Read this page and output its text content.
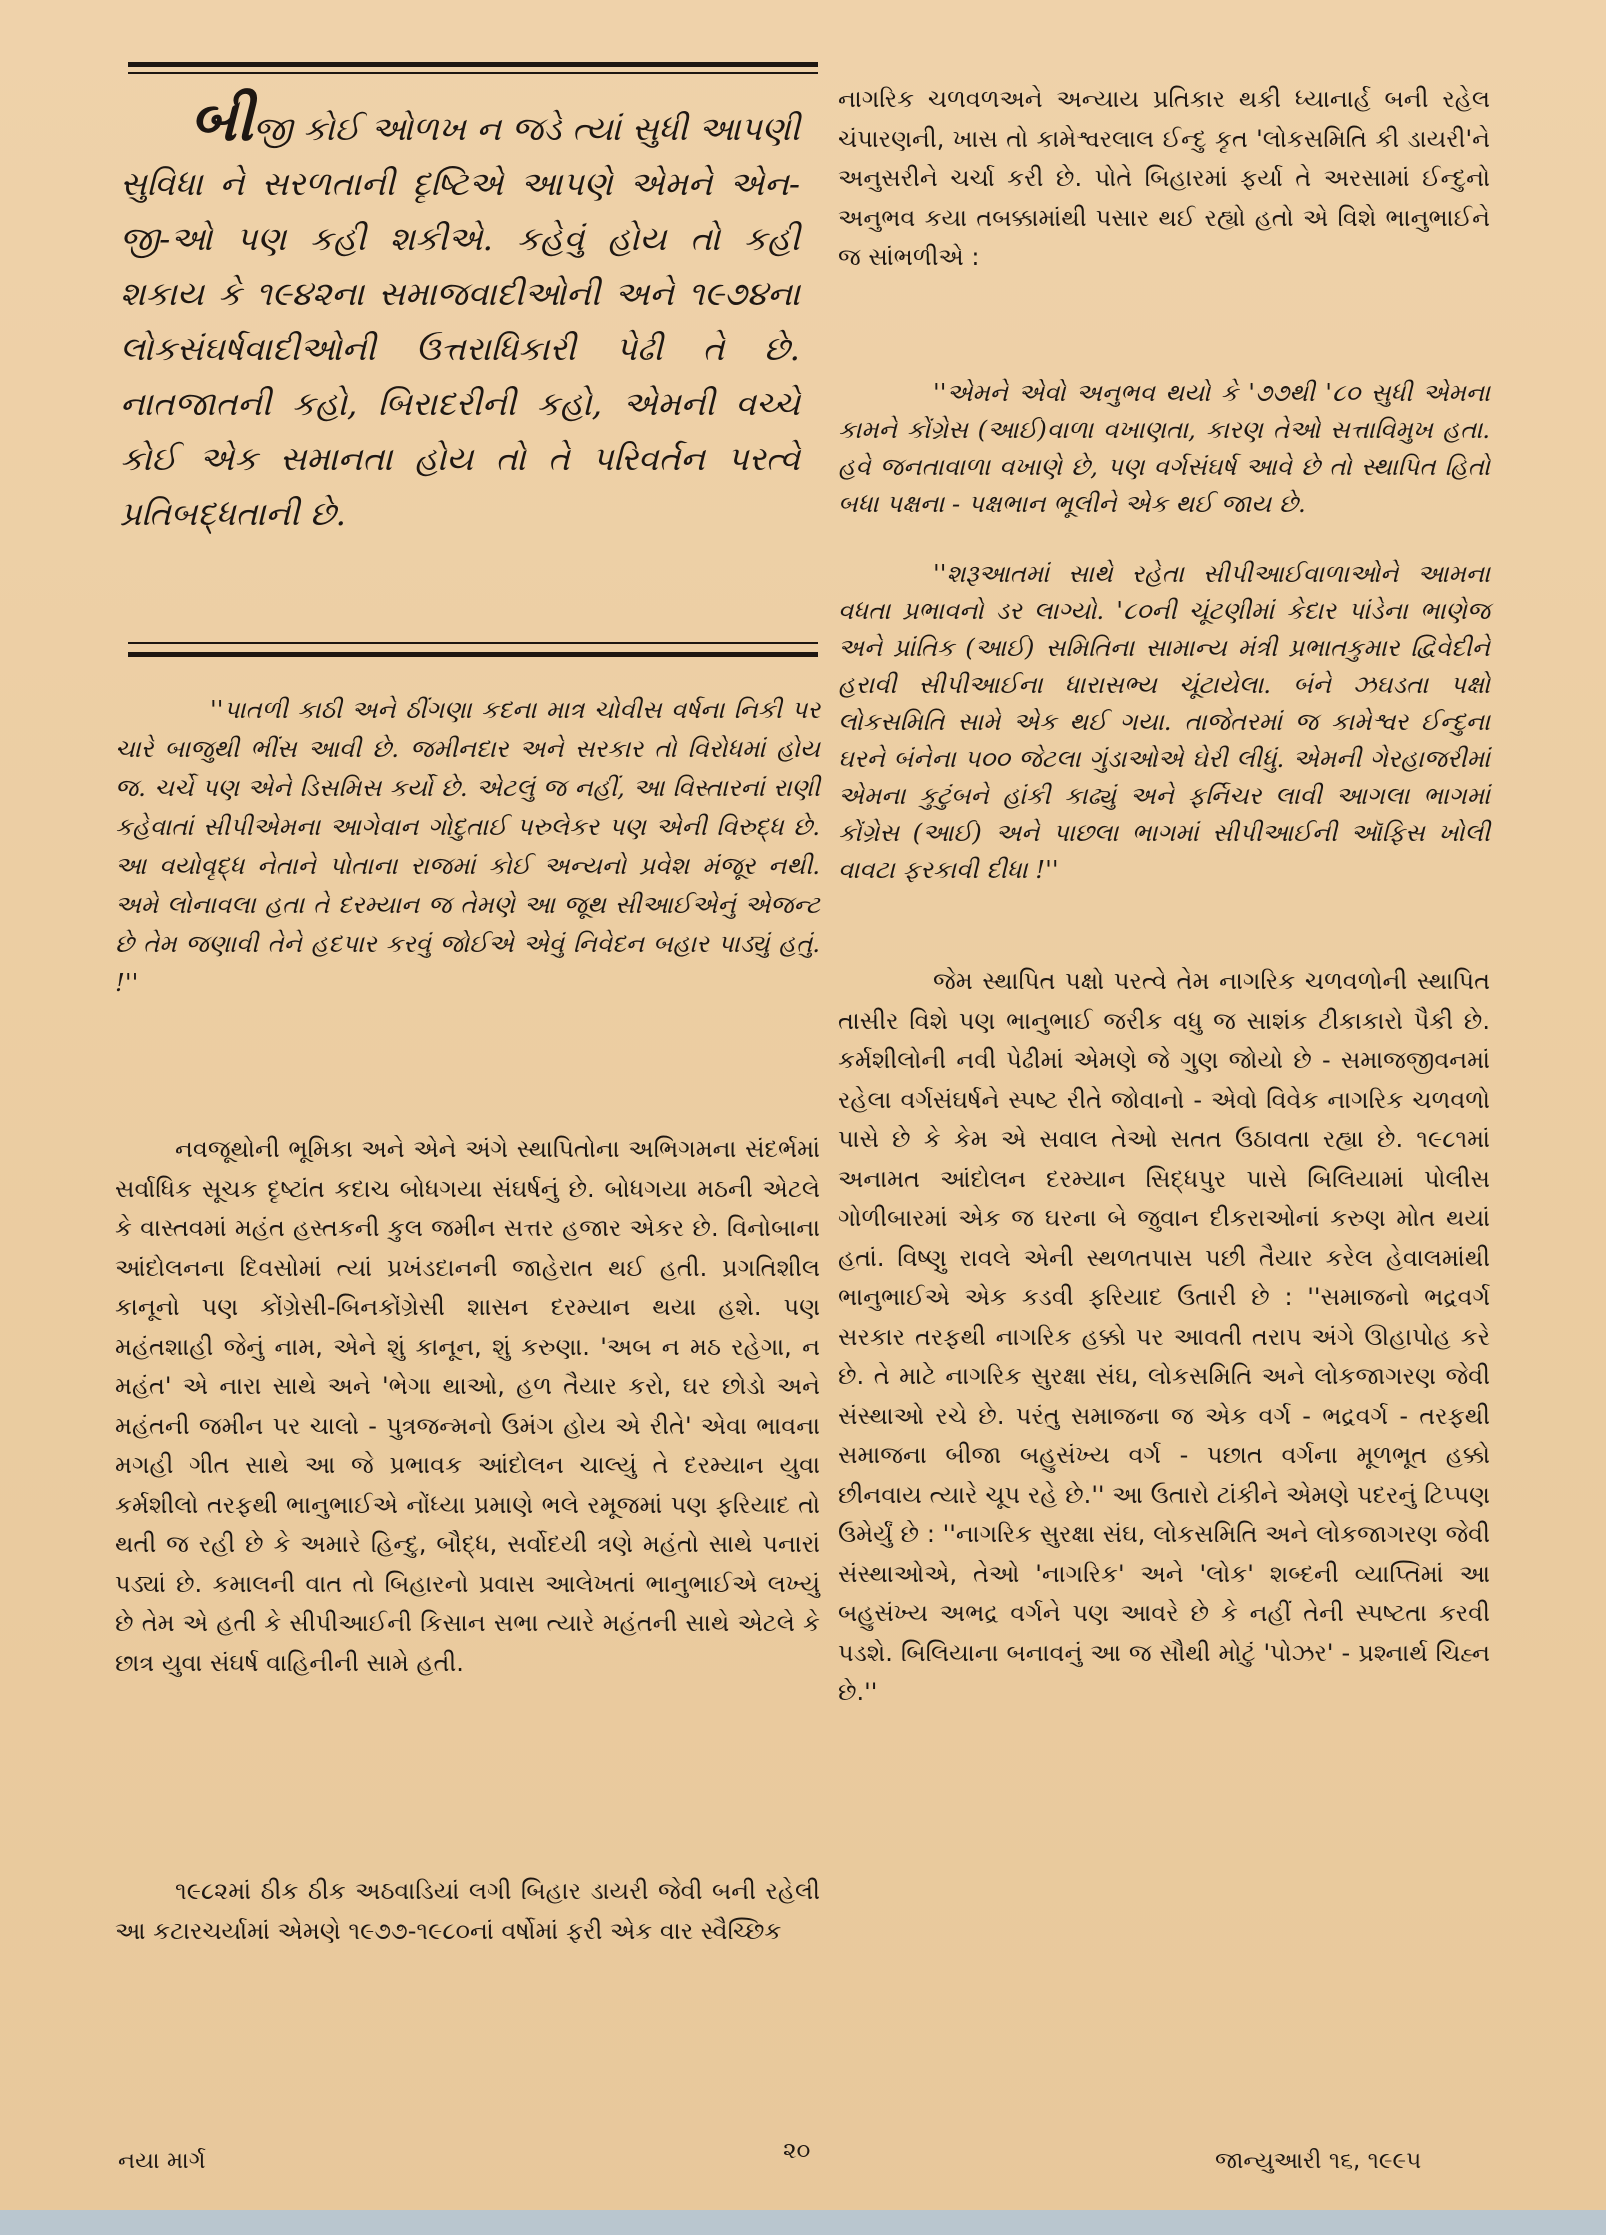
બીજી કોઈ ઓળખ ન જડે ત્યાં સુધી આપણી સુવિધા ને સરળતાની દૃષ્ટિએ આપણે એમને એન-જી-ઓ પણ કહી શકીએ. કહેવું હોય તો કહી શકાય કે ૧૯૪૨ના સમાજવાદીઓની અને ૧૯૭૪ના લોકસંઘર્ષવાદીઓની ઉત્તરાધિકારી પેઢી તે છે. નાતજાતની કહો, બિરાદરીની કહો, એમની વચ્ચે કોઈ એક સમાનતા હોય તો તે પરિવર્તન પરત્વે પ્રતિબદ્ધતાની છે.

''પાતળી કાઠી અને ઠીંગણા કદના માત્ર ચોવીસ વર્ષના નિકી પર ચારે બાજુથી ભીંસ આવી છે. જમીનદાર અને સરકાર તો વિરોધમાં હોય જ. ચર્ચે પણ એને ડિસમિસ કર્યો છે. એટલું જ નહીં, આ વિસ્તારનાં રાણી કહેવાતાં સીપીએમના આગેવાન ગોદુતાઈ પરુલેકર પણ એની વિરુદ્ધ છે. આ વયોવૃદ્ધ નેતાને પોતાના રાજમાં કોઈ અન્યનો પ્રવેશ મંજૂર નથી. અમે લોનાવલા હતા તે દરમ્યાન જ તેમણે આ જૂથ સીઆઈએનું એજન્ટ છે તેમ જણાવી તેને હદપાર કરવું જોઈએ એવું નિવેદન બહાર પાડ્યું હતું. !''

નવજૂથોની ભૂમિકા અને એને અંગે સ્થાપિતોના અભિગમના સંદર્ભમાં સર્વાધિક સૂચક દૃષ્ટાંત કદાચ બોધગયા સંઘર્ષનું છે. બોધગયા મઠની એટલે કે વાસ્તવમાં મહંત હસ્તકની કુલ જમીન સત્તર હજાર એકર છે. વિનોબાના આંદોલનના દિવસોમાં ત્યાં પ્રખંડદાનની જાહેરાત થઈ હતી. પ્રગતિશીલ કાનૂનો પણ કોંગ્રેસી-બિનકોંગ્રેસી શાસન દરમ્યાન થયા હશે. પણ મહંતશાહી જેનું નામ, એને શું કાનૂન, શું કરુણા. 'અબ ન મઠ રહેગા, ન મહંત' એ નારા સાથે અને 'ભેગા થાઓ, હળ તૈયાર કરો, ઘર છોડો અને મહંતની જમીન પર ચાલો - પુત્રજન્મનો ઉમંગ હોય એ રીતે' એવા ભાવના મગહી ગીત સાથે આ જે પ્રભાવક આંદોલન ચાલ્યું તે દરમ્યાન યુવા કર્મશીલો તરફથી ભાનુભાઈએ નોંધ્યા પ્રમાણે ભલે રમૂજમાં પણ ફરિયાદ તો થતી જ રહી છે કે અમારે હિન્દુ, બૌદ્ધ, સર્વોદયી ત્રણે મહંતો સાથે પનારાં પડ્યાં છે. કમાલની વાત તો બિહારનો પ્રવાસ આલેખતાં ભાનુભાઈએ લખ્યું છે તેમ એ હતી કે સીપીઆઈની કિસાન સભા ત્યારે મહંતની સાથે એટલે કે છાત્ર યુવા સંઘર્ષ વાહિનીની સામે હતી.

૧૯૮૨માં ઠીક ઠીક અઠવાડિયાં લગી બિહાર ડાયરી જેવી બની રહેલી આ કટારચર્યામાં એમણે ૧૯૭૭-૧૯૮૦નાં વર્ષોમાં ફરી એક વાર સ્વૈચ્છિક

નાગરિક ચળવળઅને અન્યાય પ્રતિકાર થકી ધ્યાનાર્હ બની રહેલ ચંપારણની, ખાસ તો કામેશ્વરલાલ ઈન્દુ કૃત 'લોકસમિતિ કી ડાયરી'ને અનુસરીને ચર્ચા કરી છે. પોતે બિહારમાં ફર્યા તે અરસામાં ઈન્દુનો અનુભવ કયા તબક્કામાંથી પસાર થઈ રહ્યો હતો એ વિશે ભાનુભાઈને જ સાંભળીએ :

''એમને એવો અનુભવ થયો કે '૭૭થી '૮૦ સુધી એમના કામને કોંગ્રેસ (આઈ)વાળા વખાણતા, કારણ તેઓ સત્તાવિમુખ હતા. હવે જનતાવાળા વખાણે છે, પણ વર્ગસંઘર્ષ આવે છે તો સ્થાપિત હિતો બધા પક્ષના - પક્ષભાન ભૂલીને એક થઈ જાય છે.

''શરૂઆતમાં સાથે રહેતા સીપીઆઈવાળાઓને આમના વધતા પ્રભાવનો ડર લાગ્યો. '૮૦ની ચૂંટણીમાં કેદાર પાંડેના ભાણેજ અને પ્રાંતિક (આઈ) સમિતિના સામાન્ય મંત્રી પ્રભાતકુમાર દ્વિવેદીને હરાવી સીપીઆઈના ધારાસભ્ય ચૂંટાયેલા. બંને ઝઘડતા પક્ષો લોકસમિતિ સામે એક થઈ ગયા. તાજેતરમાં જ કામેશ્વર ઈન્દુના ઘરને બંનેના ૫૦૦ જેટલા ગુંડાઓએ ઘેરી લીધું. એમની ગેરહાજરીમાં એમના કુટુંબને હાંકી કાઢ્યું અને ફર્નિચર લાવી આગલા ભાગમાં કોંગ્રેસ (આઈ) અને પાછલા ભાગમાં સીપીઆઈની ઑફિસ ખોલી વાવટા ફરકાવી દીધા !''

જેમ સ્થાપિત પક્ષો પરત્વે તેમ નાગરિક ચળવળોની સ્થાપિત તાસીર વિશે પણ ભાનુભાઈ જરીક વધુ જ સાશંક ટીકાકારો પૈકી છે. કર્મશીલોની નવી પેઢીમાં એમણે જે ગુણ જોયો છે - સમાજજીવનમાં રહેલા વર્ગસંઘર્ષને સ્પષ્ટ રીતે જોવાનો - એવો વિવેક નાગરિક ચળવળો પાસે છે કે કેમ એ સવાલ તેઓ સતત ઉઠાવતા રહ્યા છે. ૧૯૮૧માં અનામત આંદોલન દરમ્યાન સિદ્ધપુર પાસે બિલિયામાં પોલીસ ગોળીબારમાં એક જ ઘરના બે જુવાન દીકરાઓનાં કરુણ મોત થયાં હતાં. વિષ્ણુ રાવલે એની સ્થળતપાસ પછી તૈયાર કરેલ હેવાલમાંથી ભાનુભાઈએ એક કડવી ફરિયાદ ઉતારી છે : ''સમાજનો ભદ્રવર્ગ સરકાર તરફથી નાગરિક હક્કો પર આવતી તરાપ અંગે ઊહાપોહ કરે છે. તે માટે નાગરિક સુરક્ષા સંઘ, લોકસમિતિ અને લોકજાગરણ જેવી સંસ્થાઓ રચે છે. પરંતુ સમાજના જ એક વર્ગ - ભદ્રવર્ગ - તરફથી સમાજના બીજા બહુસંખ્ય વર્ગ - પછાત વર્ગના મૂળભૂત હક્કો છીનવાય ત્યારે ચૂપ રહે છે.'' આ ઉતારો ટાંકીને એમણે પદરનું ટિપ્પણ ઉમેર્યું છે : ''નાગરિક સુરક્ષા સંઘ, લોકસમિતિ અને લોકજાગરણ જેવી સંસ્થાઓએ, તેઓ 'નાગરિક' અને 'લોક' શબ્દની વ્યાપ્તિમાં આ બહુસંખ્ય અભદ્ર વર્ગને પણ આવરે છે કે નહીં તેની સ્પષ્ટતા કરવી પડશે. બિલિયાના બનાવનું આ જ સૌથી મોટું 'પોઝર' - પ્રશ્નાર્થ ચિહ્ન છે.''

નયા માર્ગ	૨૦	જાન્યુઆરી ૧૬, ૧૯૯૫
